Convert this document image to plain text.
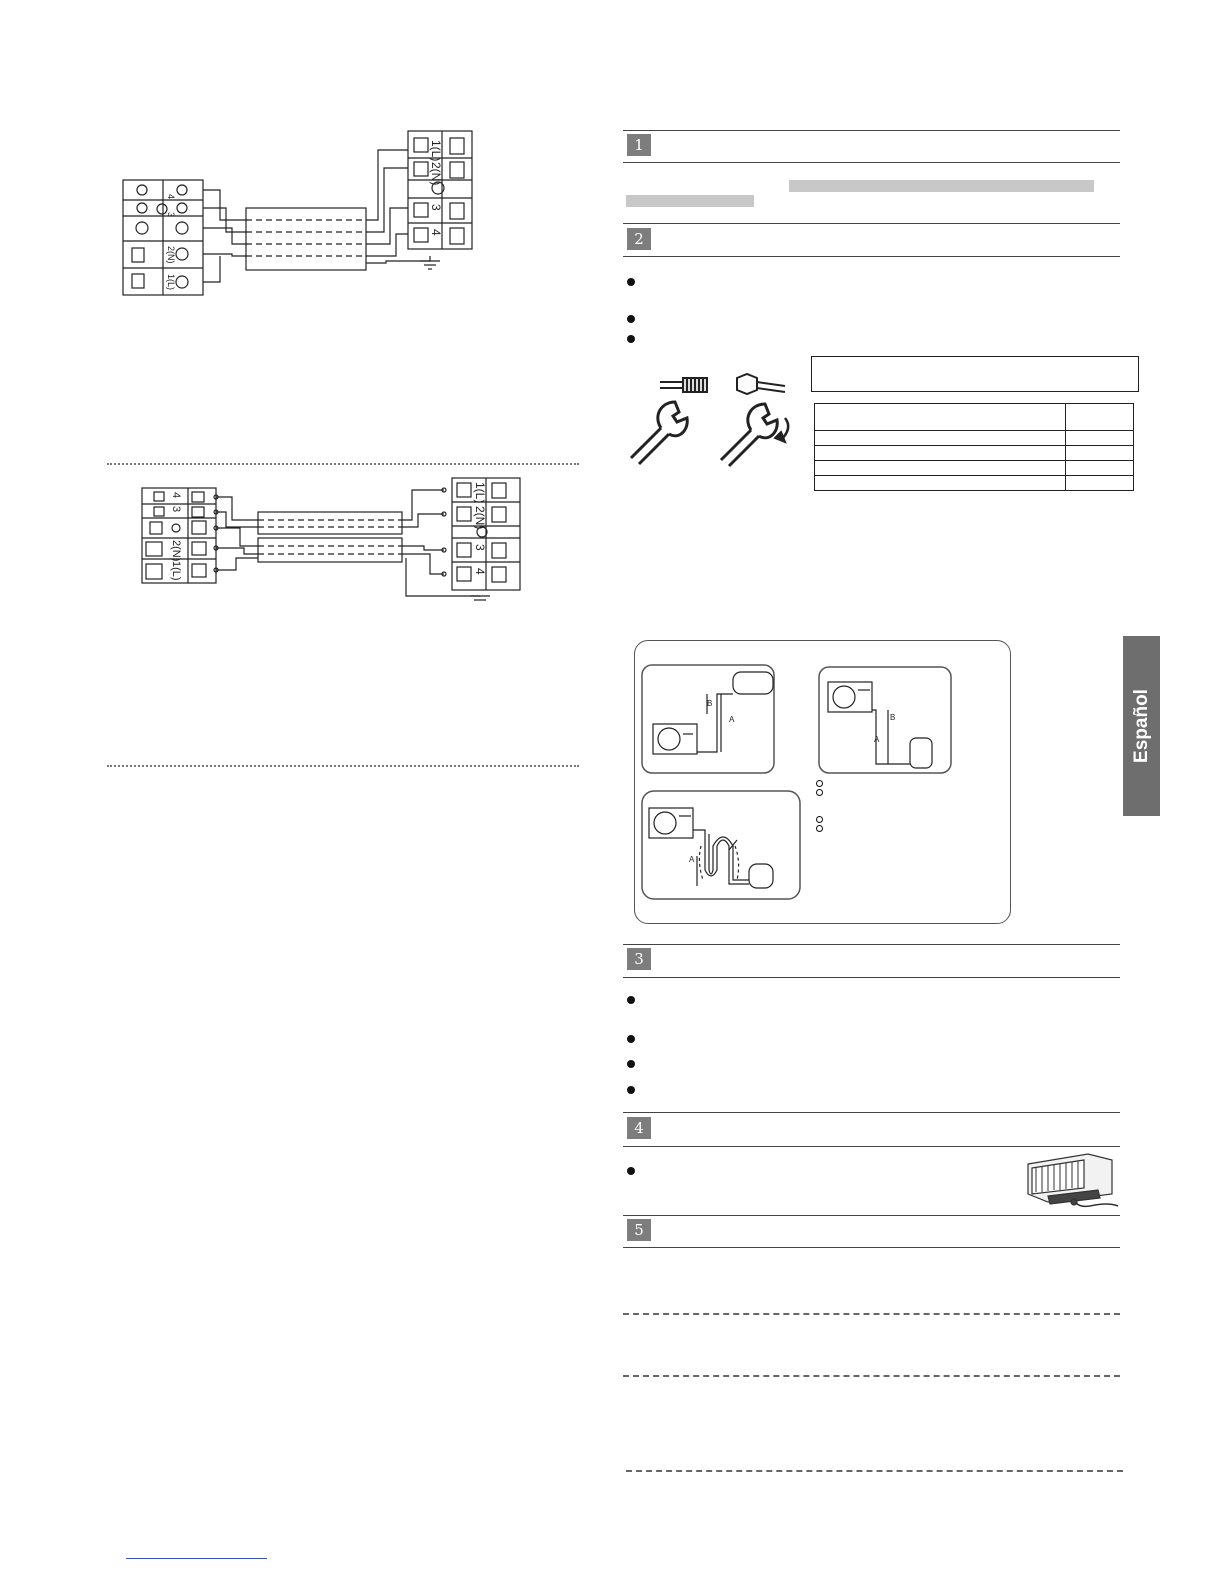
4
3
2(N)
1(L)
1(L)
2(N)
3
4
4
3
2(N)
1(L)
1(L)
2(N)
3
4
1
2

B
A	B
A
A
3
4
5
Español
